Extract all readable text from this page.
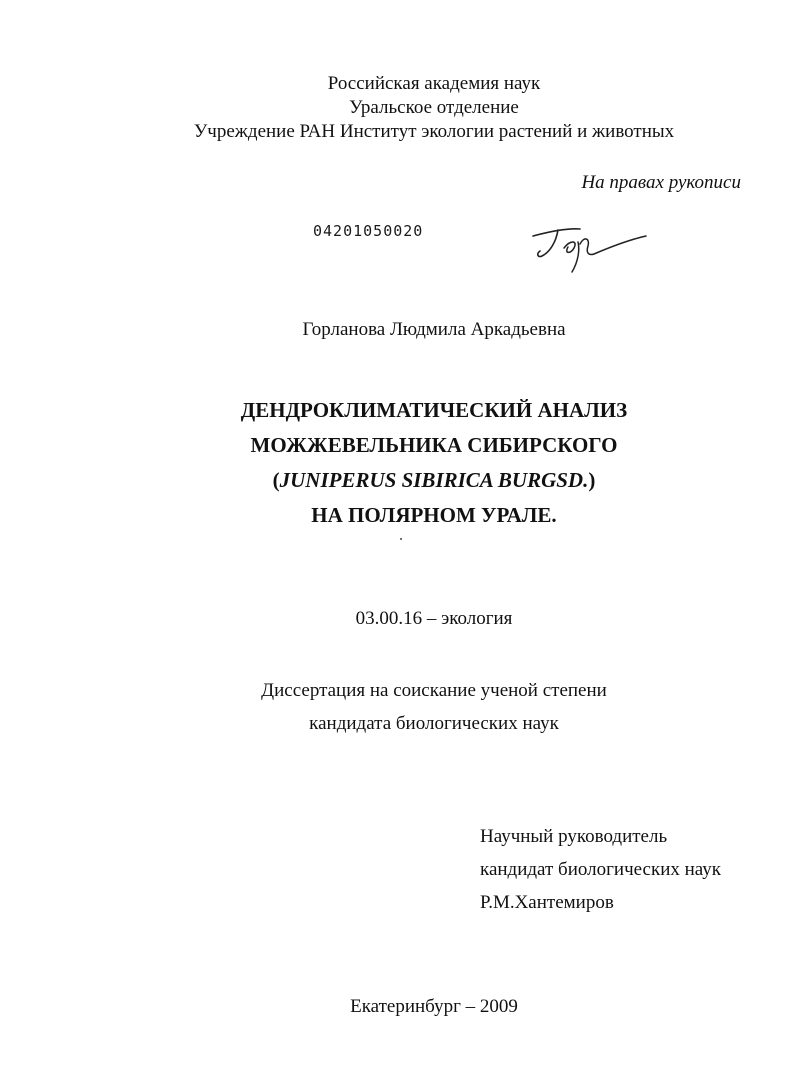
Российская академия наук
Уральское отделение
Учреждение РАН Институт экологии растений и животных
На правах рукописи
04201050020
Горланова Людмила Аркадьевна
ДЕНДРОКЛИМАТИЧЕСКИЙ АНАЛИЗ
МОЖЖЕВЕЛЬНИКА СИБИРСКОГО
(JUNIPERUS SIBIRICA BURGSD.)
НА ПОЛЯРНОМ УРАЛЕ.
03.00.16 – экология
Диссертация на соискание ученой степени
кандидата биологических наук
Научный руководитель
кандидат биологических наук
Р.М.Хантемиров
Екатеринбург – 2009
